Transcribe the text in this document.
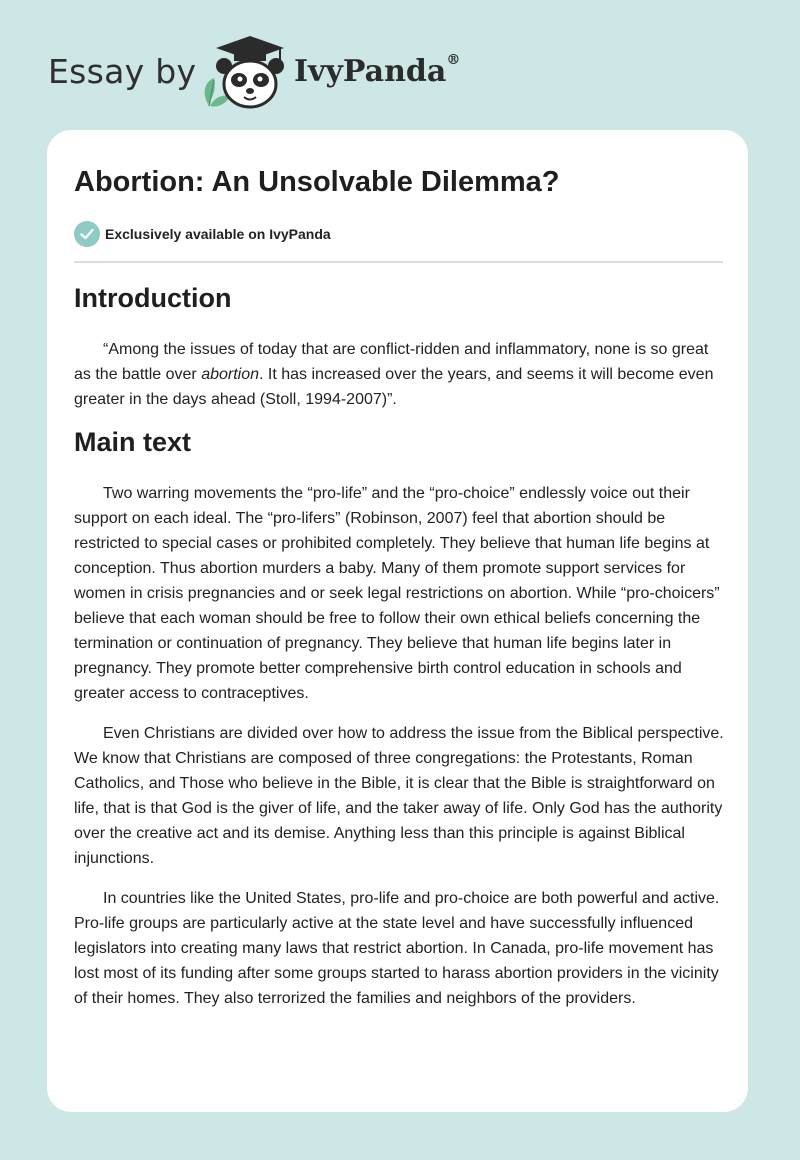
Essay by	IvyPanda®
Abortion: An Unsolvable Dilemma?
Exclusively available on IvyPanda
Introduction

“Among the issues of today that are conflict-ridden and inflammatory, none is so great as the battle over abortion. It has increased over the years, and seems it will become even greater in the days ahead (Stoll, 1994-2007)”.

Main text

Two warring movements the “pro-life” and the “pro-choice” endlessly voice out their support on each ideal. The “pro-lifers” (Robinson, 2007) feel that abortion should be restricted to special cases or prohibited completely. They believe that human life begins at conception. Thus abortion murders a baby. Many of them promote support services for women in crisis pregnancies and or seek legal restrictions on abortion. While “pro-choicers” believe that each woman should be free to follow their own ethical beliefs concerning the termination or continuation of pregnancy. They believe that human life begins later in pregnancy. They promote better comprehensive birth control education in schools and greater access to contraceptives.

Even Christians are divided over how to address the issue from the Biblical perspective. We know that Christians are composed of three congregations: the Protestants, Roman Catholics, and Those who believe in the Bible, it is clear that the Bible is straightforward on life, that is that God is the giver of life, and the taker away of life. Only God has the authority over the creative act and its demise. Anything less than this principle is against Biblical injunctions.

In countries like the United States, pro-life and pro-choice are both powerful and active. Pro-life groups are particularly active at the state level and have successfully influenced legislators into creating many laws that restrict abortion. In Canada, pro-life movement has lost most of its funding after some groups started to harass abortion providers in the vicinity of their homes. They also terrorized the families and neighbors of the providers.
